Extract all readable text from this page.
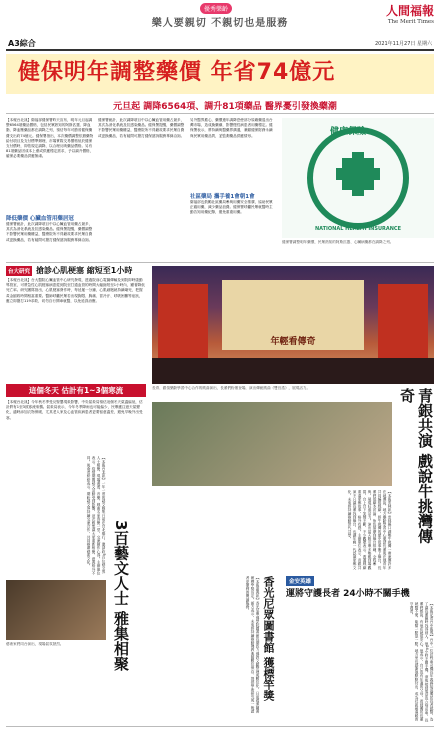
優秀樂齡
樂人要親切 不親切也是服務
人間福報
The Merit Times
A3綜合	2021年11月27日 星期六
健保明年調整藥價 年省74億元
元旦起 調降6564項、調升81項藥品 醫界憂引發換藥潮
【本報台北訊】衛福部健保署昨天宣布，明年元旦起調整6564項藥品價格，包括民眾熟知的阿斯匹靈、降血脂、降血壓藥品都在調降之列，預估每年可節省健保藥費支出約74億元。健保署指出，本次藥價調整依據藥物給付項目及支付標準辦理，市場實際交易價格低於健保支付價時，即依規定調降，以合理反映藥品價格。另有81項藥品因成本上漲或供應穩定需求，予以調升價格，確保必要藥品供應無虞。
健保署統計，此次調降項目中以心臟血管用藥占最多，其次為消化系統及抗感染藥品。健保署提醒，藥價調整不影響民眾用藥權益，醫療院所不得藉故要求民眾自費或更換藥品，若有疑問可撥打健保諮詢服務專線洽詢。
降低藥價 心臟血管用藥居冠
健保署統計，此次調降項目中以心臟血管用藥占最多，其次為消化系統及抗感染藥品。健保署提醒，藥價調整不影響民眾用藥權益，醫療院所不得藉故要求民眾自費或更換藥品，若有疑問可撥打健保諮詢服務專線洽詢。
另外醫界擔心，藥價連年調降恐使部分原廠藥退出台灣市場，造成換藥潮，影響慢性病患者用藥穩定。健保署表示，將持續與醫藥界溝通，兼顧健保財務永續與民眾用藥品質，並監測藥品供應情形。
社區藥局 攜手養1會朝1會
衛福部也鼓勵社區藥局參與用藥安全推廣，協助民眾正確用藥，減少藥品浪費。健保署呼籲民眾就醫時主動告知用藥紀錄，避免重複用藥。
健康保險
NATIONAL HEALTH INSURANCE
健保署調整明年藥價，民眾熟知的阿斯匹靈、心臟病藥都在調降之列。
台大研究 搶診心肌梗塞 縮短至1小時
【本報台北訊】台大醫院心臟血管中心研究發現，透過院前心電圖傳輸及到院即時啟動導管室，可將急性心肌梗塞病患從到院至打通血管的時間大幅縮短至1小時內，顯著降低死亡率。研究團隊指出，心肌梗塞發作時，每延遲一分鐘，心肌細胞就持續壞死，把握黃金搶救時間相當重要。醫師呼籲民眾若出現胸悶、胸痛、冒冷汗、呼吸困難等症狀，應立即撥打119求救，切勿自行開車就醫，以免延誤治療。
這個冬天 估計有1~3個寒流
【本報台北訊】今年秋冬季受反聖嬰現象影響，中央氣象局預估這個冬天氣溫偏低，估計將有1至3波寒流來襲。氣象局表示，今年冬季降雨也可能偏少，民眾應注意天氣變化，適時添加衣物保暖，尤其老人家及心血管疾病患者更要留意溫差，避免早晚外出受寒。
年輕看傳奇
長青、銀領樂齡學習中心合作的戲曲演出，長輩們粉墨登場，演出傳統戲曲《雙官誥》，展現活力。	青銀共演 戲說牛挑灣傳奇
【本報雲林訊】雲林縣口湖鄉牛挑灣一帶流傳許多在地傳說，地方樂齡學習中心邀請長輩與在地青年共同編排戲劇，將牛挑灣的歷史故事搬上舞台。長輩們從劇本討論、角色揣摩到舞台排練，全程參與，展現旺盛活力。演出當天吸引眾多鄉親到場觀賞，台上台下笑聲不斷，不少觀眾表示，透過戲劇重溫家鄉故事，格外有感。主辦單位表示，青銀共演不只讓長輩找到舞台，也讓年輕一代認識家鄉文化，未來將持續推動世代共學。
3百藝文人士 雅集相聚
【本報台北訊】一年一度的藝文雅集日前在台北舉行，邀請約3百位藝文界人士相聚，現場書畫、音樂、戲曲名家齊聚一堂，交流創作心得。主辦單位表示，疫情期間藝文活動受到影響，這次雅集讓大家重新相聚，意義格外不同。與會者紛紛表示，期盼藝文界持續交流合作，共同推廣藝術文化。
藝術家們同台演出，現場氣氛熱烈。	香光尼眾圖書館 獲標竿獎
【本報嘉義訊】香光尼眾佛學院圖書館長期致力佛教文獻整理與數位化，日前獲頒圖書館標竿獎肯定。館方表示，未來將持續推動佛教典籍數位保存，提供學術研究與一般讀者更便利的閱讀服務。	金安英雄
運將守護長者 24小時不關手機
【本報記者台中報導】台中一位計程車司機長年義務接送獨居長者就醫，為了讓長輩隨時找得到人，他24小時不關手機，深夜接到電話也立刻出車。長輩們都說，有他在就很安心。他表示，自己也有年邁的父母，看到獨居長輩就醫不便，能幫一點是一點。地方里長感謝他默默付出，成為社區最溫暖的守護者。
